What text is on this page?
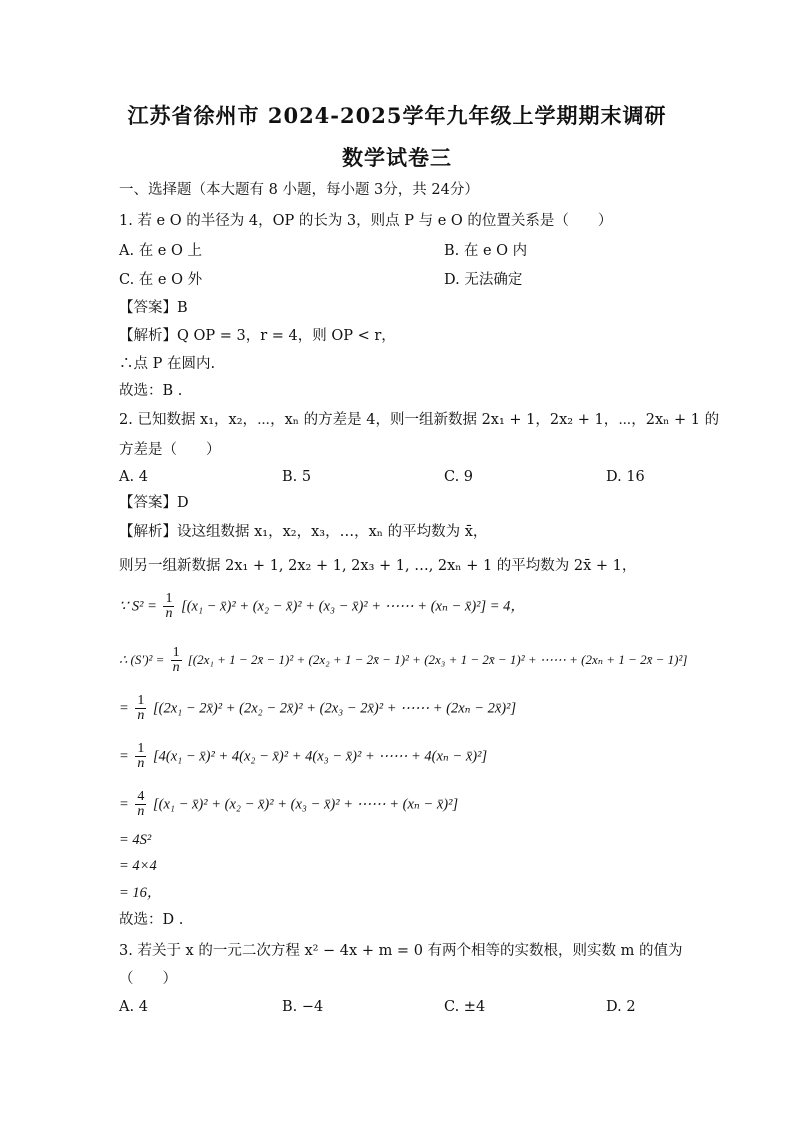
江苏省徐州市 2024-2025学年九年级上学期期末调研
数学试卷三
一、选择题（本大题有 8 小题，每小题 3分，共 24分）
1. 若 e O 的半径为 4，OP 的长为 3，则点 P 与 e O 的位置关系是（　　）
A. 在 e O 上	B. 在 e O 内
C. 在 e O 外	D. 无法确定
【答案】B
【解析】Q OP = 3，r = 4，则 OP < r，
∴点 P 在圆内.
故选：B .
2. 已知数据 x₁，x₂，⋯，xₙ 的方差是 4，则一组新数据 2x₁ + 1，2x₂ + 1，⋯，2xₙ + 1 的
方差是（　　）
A. 4	B. 5	C. 9	D. 16
【答案】D
【解析】设这组数据 x₁，x₂，x₃，…，xₙ 的平均数为 x̄，
则另一组新数据 2x₁ + 1, 2x₂ + 1, 2x₃ + 1, …, 2xₙ + 1 的平均数为 2x̄ + 1，
∵ $S^2 = \frac{1}{n} [(x_1$ − x̄)² + (x₂ − x̄)² + (x₃ − x̄)² + ⋯⋯ + (xₙ − x̄)²] = 4，
∴ $(S')^2 = \frac{1}{n} [(2x_1 + 1$ − 2x̄ − 1)² + (2x₂ + 1 − 2x̄ − 1)² + (2x₃ + 1 − 2x̄ − 1)² + ⋯⋯ + (2xₙ + 1 − 2x̄ − 1)²]
= $\frac{1}{n} [(2x_1$ − 2x̄)² + (2x₂ − 2x̄)² + (2x₃ − 2x̄)² + ⋯⋯ + (2xₙ − 2x̄)²]
= $\frac{1}{n} [4(x_1$ − x̄)² + 4(x₂ − x̄)² + 4(x₃ − x̄)² + ⋯⋯ + 4(xₙ − x̄)²]
= $\frac{4}{n} [(x_1$ − x̄)² + (x₂ − x̄)² + (x₃ − x̄)² + ⋯⋯ + (xₙ − x̄)²]
= 4S²
= 4×4
= 16，
故选：D .
3. 若关于 x 的一元二次方程 x² − 4x + m = 0 有两个相等的实数根，则实数 m 的值为
（　　）
A. 4	B. −4	C. ±4	D. 2
